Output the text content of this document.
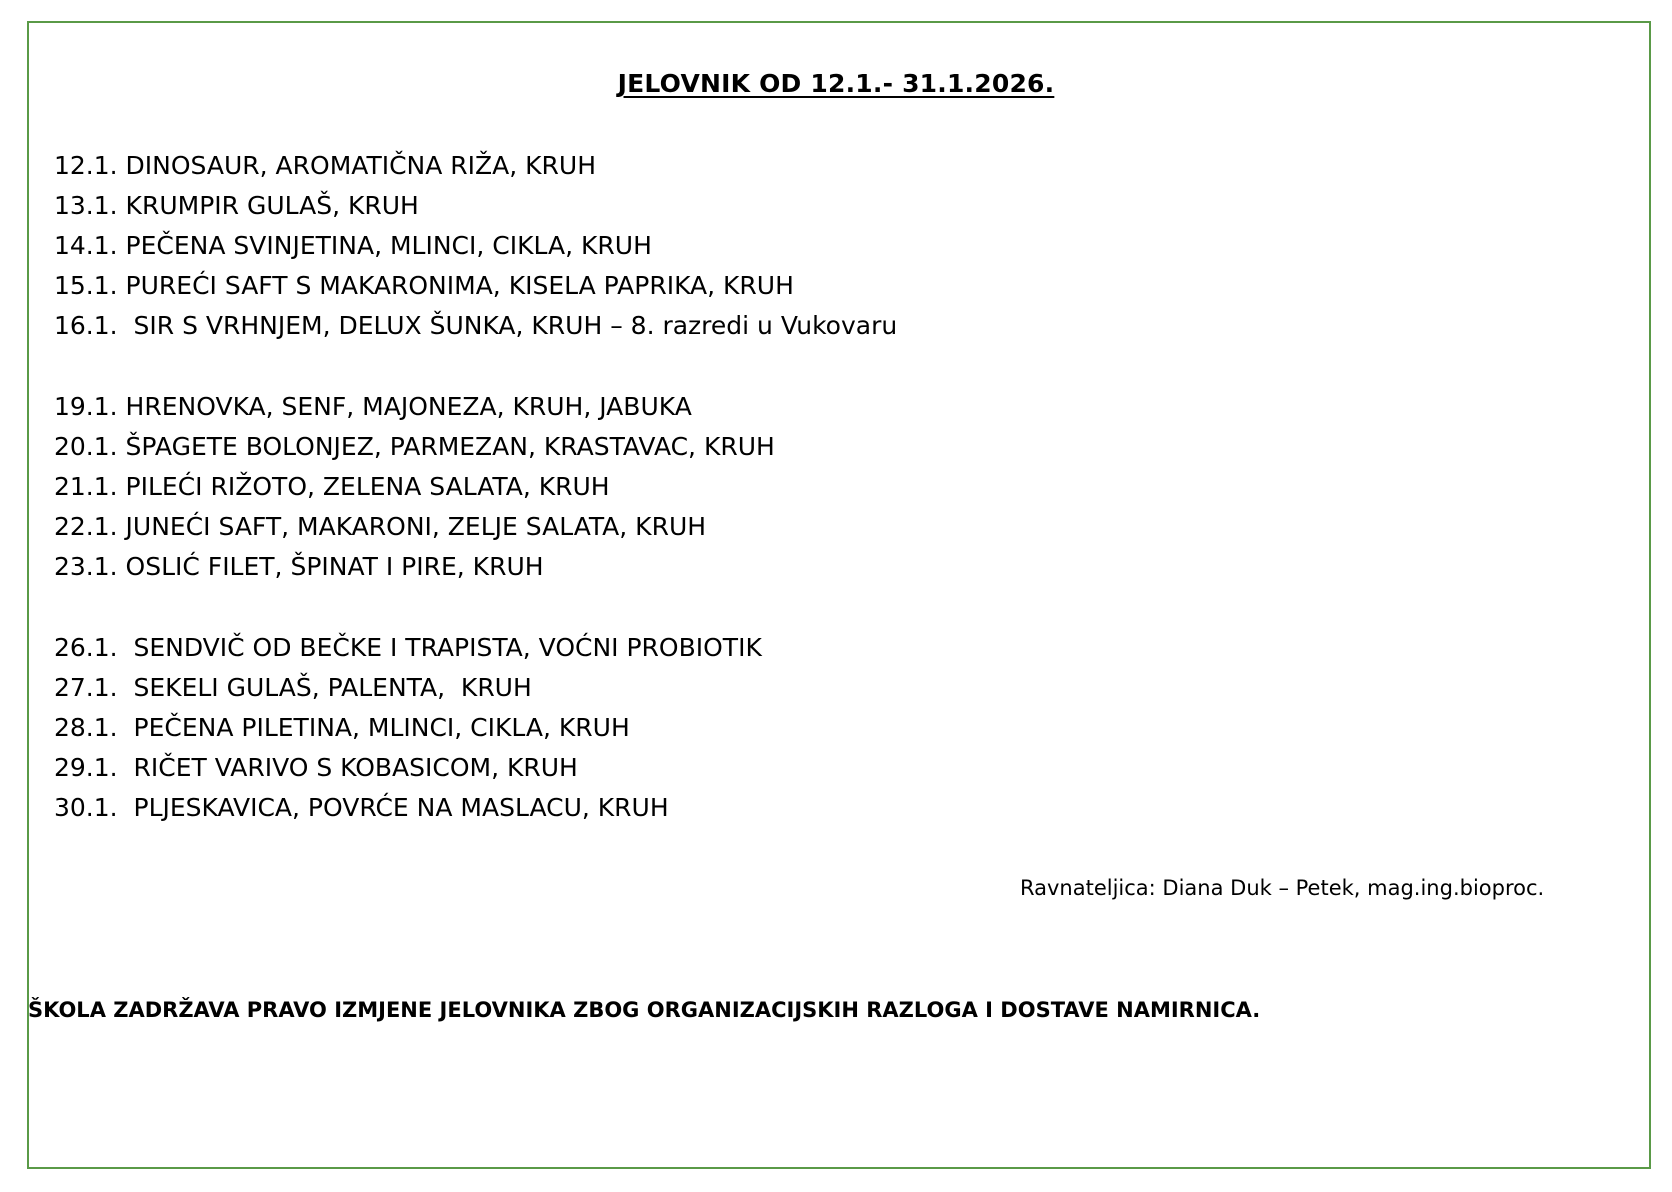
JELOVNIK OD 12.1.- 31.1.2026.
12.1. DINOSAUR, AROMATIČNA RIŽA, KRUH
13.1. KRUMPIR GULAŠ, KRUH
14.1. PEČENA SVINJETINA, MLINCI, CIKLA, KRUH
15.1. PUREĆI SAFT S MAKARONIMA, KISELA PAPRIKA, KRUH
16.1.  SIR S VRHNJEM, DELUX ŠUNKA, KRUH – 8. razredi u Vukovaru
19.1. HRENOVKA, SENF, MAJONEZA, KRUH, JABUKA
20.1. ŠPAGETE BOLONJEZ, PARMEZAN, KRASTAVAC, KRUH
21.1. PILEĆI RIŽOTO, ZELENA SALATA, KRUH
22.1. JUNEĆI SAFT, MAKARONI, ZELJE SALATA, KRUH
23.1. OSLIĆ FILET, ŠPINAT I PIRE, KRUH
26.1.  SENDVIČ OD BEČKE I TRAPISTA, VOĆNI PROBIOTIK
27.1.  SEKELI GULAŠ, PALENTA,  KRUH
28.1.  PEČENA PILETINA, MLINCI, CIKLA, KRUH
29.1.  RIČET VARIVO S KOBASICOM, KRUH
30.1.  PLJESKAVICA, POVRĆE NA MASLACU, KRUH
Ravnateljica: Diana Duk – Petek, mag.ing.bioproc.
ŠKOLA ZADRŽAVA PRAVO IZMJENE JELOVNIKA ZBOG ORGANIZACIJSKIH RAZLOGA I DOSTAVE NAMIRNICA.
